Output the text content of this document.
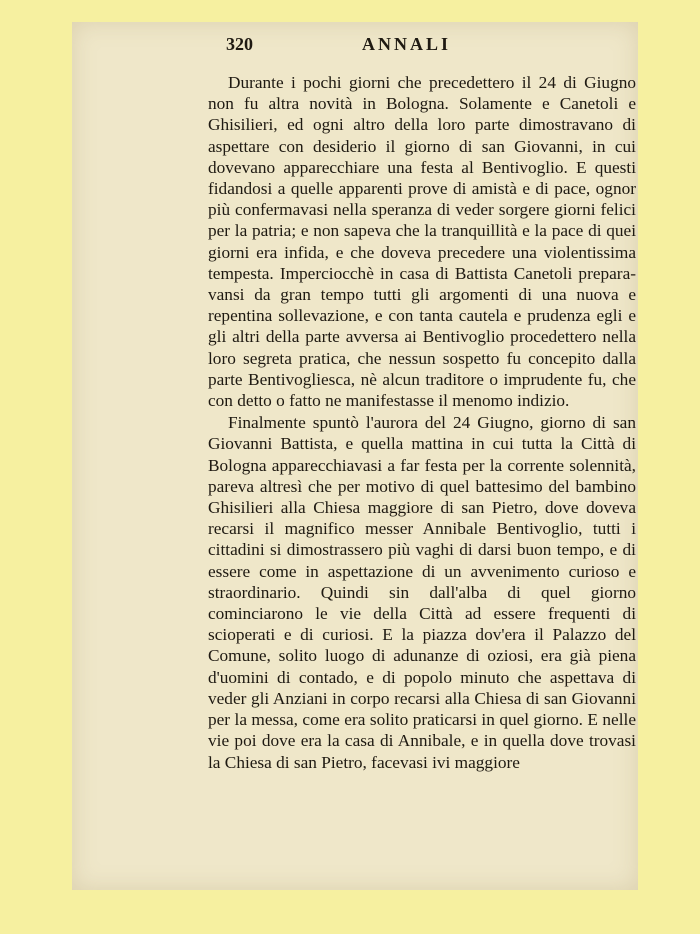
320	ANNALI

Durante i pochi giorni che precedettero il 24 di Giugno non fu altra novità in Bologna. Solamente e Canetoli e Ghisilieri, ed ogni altro della loro parte dimostravano di aspettare con desiderio il giorno di san Giovanni, in cui dovevano apparecchiare una festa al Bentivoglio. E questi fidandosi a quelle apparenti prove di amistà e di pace, ognor più confermavasi nella speranza di veder sorgere giorni felici per la patria; e non sapeva che la tranquillità e la pace di quei giorni era infida, e che doveva precedere una violentissima tempesta. Imperciocchè in casa di Battista Canetoli preparavansi da gran tempo tutti gli argomenti di una nuova e repentina sollevazione, e con tanta cautela e prudenza egli e gli altri della parte avversa ai Bentivoglio procedettero nella loro segreta pratica, che nessun sospetto fu concepito dalla parte Bentivogliesca, nè alcun traditore o imprudente fu, che con detto o fatto ne manifestasse il menomo indizio.

Finalmente spuntò l'aurora del 24 Giugno, giorno di san Giovanni Battista, e quella mattina in cui tutta la Città di Bologna apparecchiavasi a far festa per la corrente solennità, pareva altresì che per motivo di quel battesimo del bambino Ghisilieri alla Chiesa maggiore di san Pietro, dove doveva recarsi il magnifico messer Annibale Bentivoglio, tutti i cittadini si dimostrassero più vaghi di darsi buon tempo, e di essere come in aspettazione di un avvenimento curioso e straordinario. Quindi sin dall'alba di quel giorno cominciarono le vie della Città ad essere frequenti di scioperati e di curiosi. E la piazza dov'era il Palazzo del Comune, solito luogo di adunanze di oziosi, era già piena d'uomini di contado, e di popolo minuto che aspettava di veder gli Anziani in corpo recarsi alla Chiesa di san Giovanni per la messa, come era solito praticarsi in quel giorno. E nelle vie poi dove era la casa di Annibale, e in quella dove trovasi la Chiesa di san Pietro, facevasi ivi maggiore
